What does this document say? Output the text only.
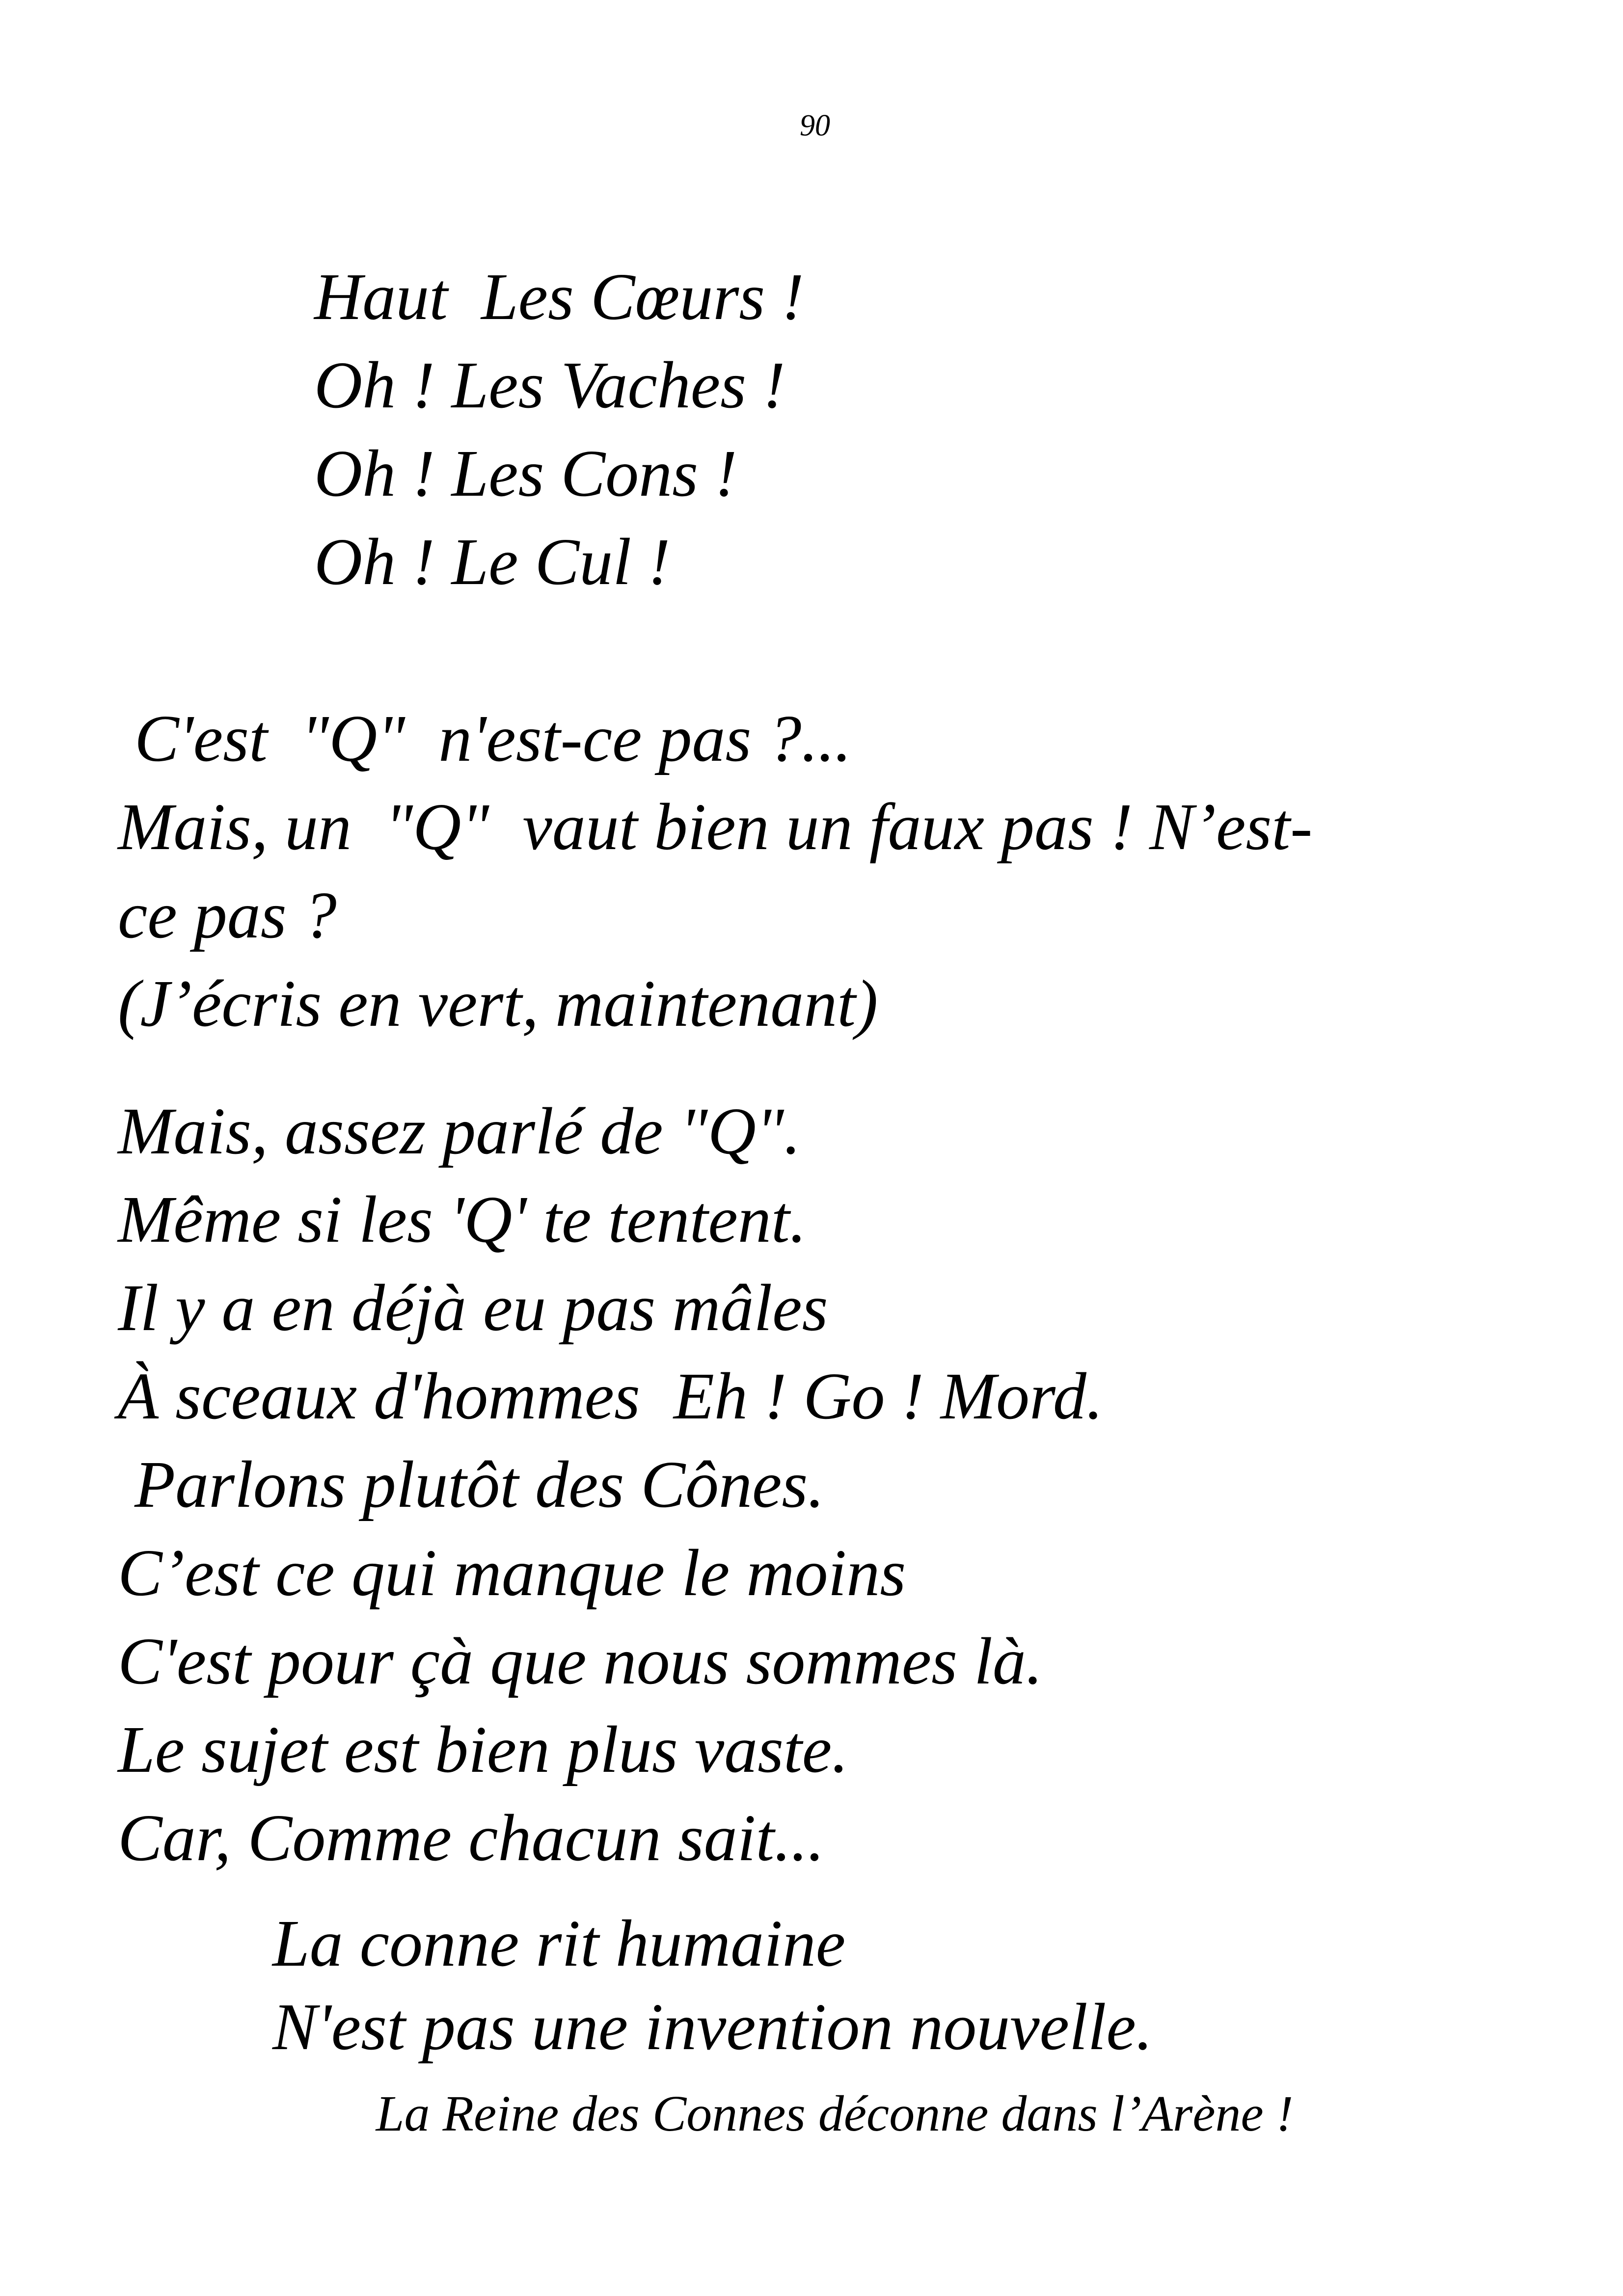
90
Haut  Les Cœurs !
Oh ! Les Vaches !
Oh ! Les Cons !
Oh ! Le Cul !
C'est  "Q"  n'est-ce pas ?...
Mais, un  "Q"  vaut bien un faux pas ! N’est-
ce pas ?
(J’écris en vert, maintenant)
Mais, assez parlé de "Q".
Même si les 'Q' te tentent.
Il y a en déjà eu pas mâles
À sceaux d'hommes  Eh ! Go ! Mord.
Parlons plutôt des Cônes.
C’est ce qui manque le moins
C'est pour çà que nous sommes là.
Le sujet est bien plus vaste.
Car, Comme chacun sait...
La conne rit humaine
N'est pas une invention nouvelle.
La Reine des Connes déconne dans l’Arène !
